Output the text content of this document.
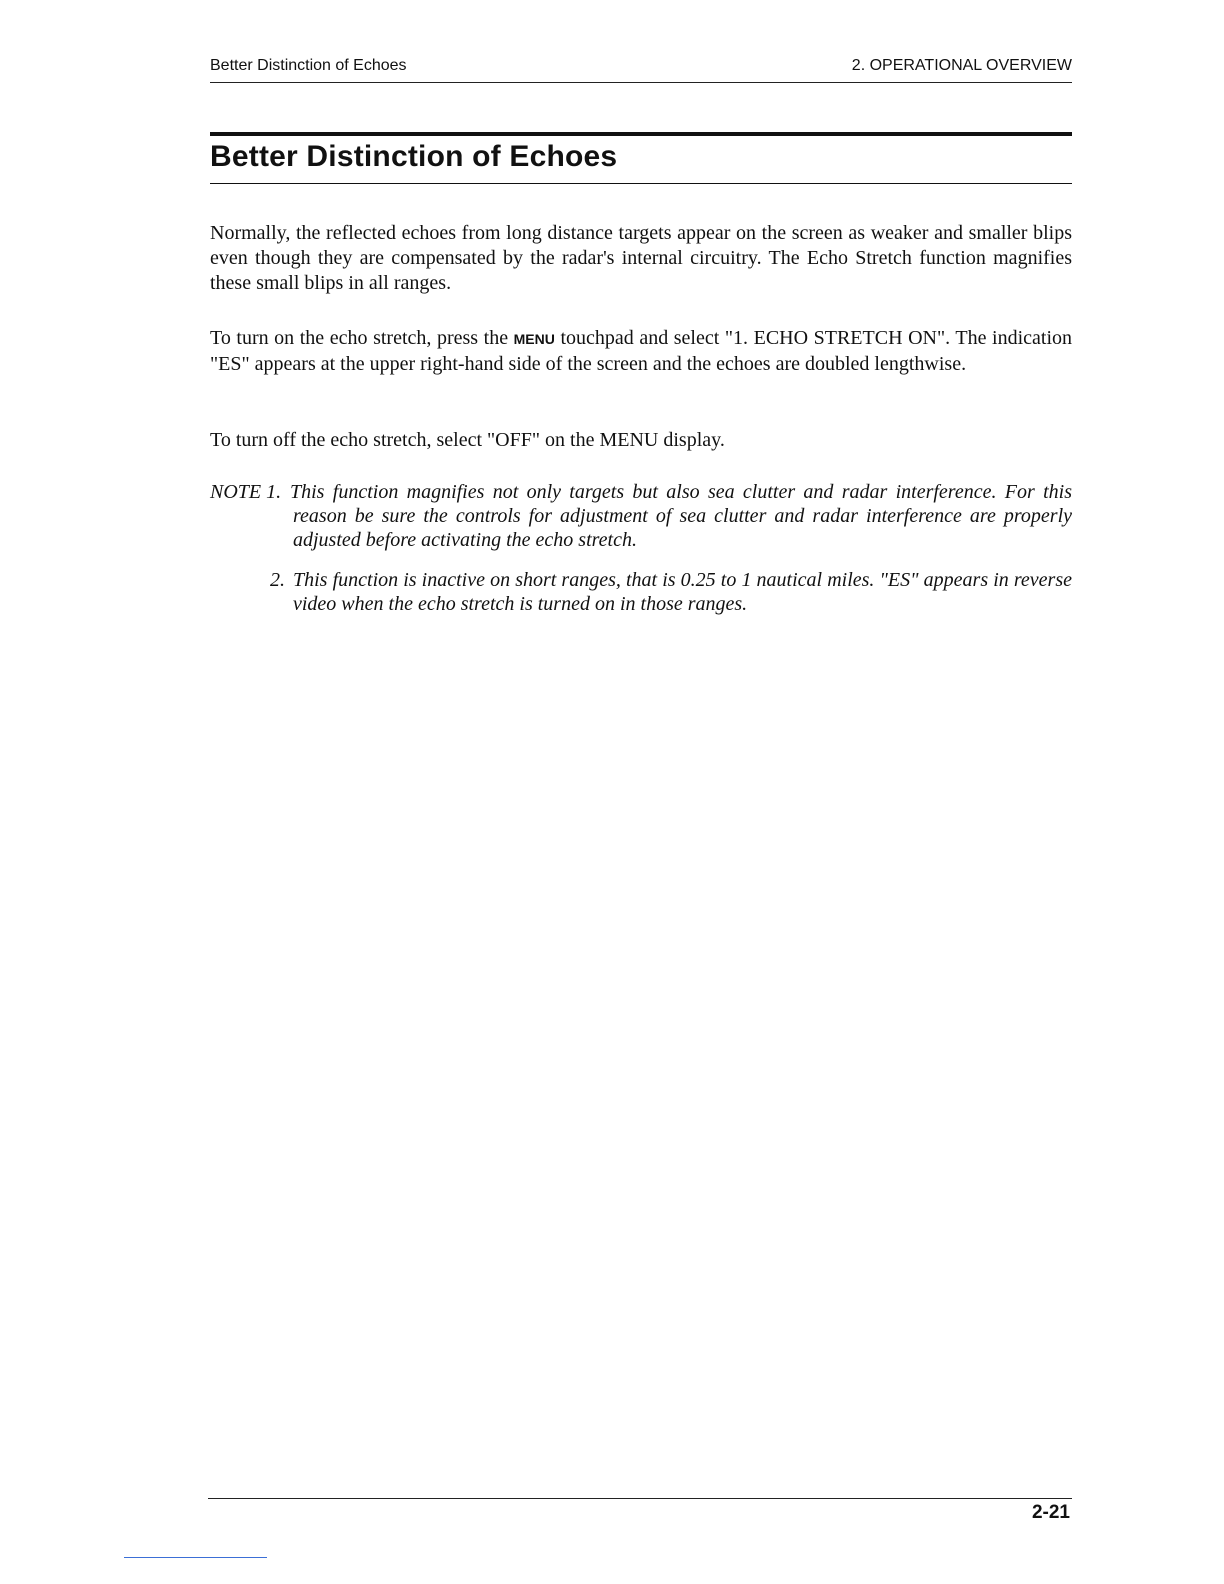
Better Distinction of Echoes	2. OPERATIONAL OVERVIEW
Better Distinction of Echoes

Normally, the reflected echoes from long distance targets appear on the screen as weaker and smaller blips even though they are compensated by the radar's internal circuitry. The Echo Stretch function magnifies these small blips in all ranges.

To turn on the echo stretch, press the MENU touchpad and select "1. ECHO STRETCH ON". The indication "ES" appears at the upper right-hand side of the screen and the echoes are doubled lengthwise.

To turn off the echo stretch, select "OFF" on the MENU display.

NOTE 1. This function magnifies not only targets but also sea clutter and radar interference. For this reason be sure the controls for adjustment of sea clutter and radar interference are properly adjusted before activating the echo stretch.

2. This function is inactive on short ranges, that is 0.25 to 1 nautical miles. "ES" appears in reverse video when the echo stretch is turned on in those ranges.

2-21
